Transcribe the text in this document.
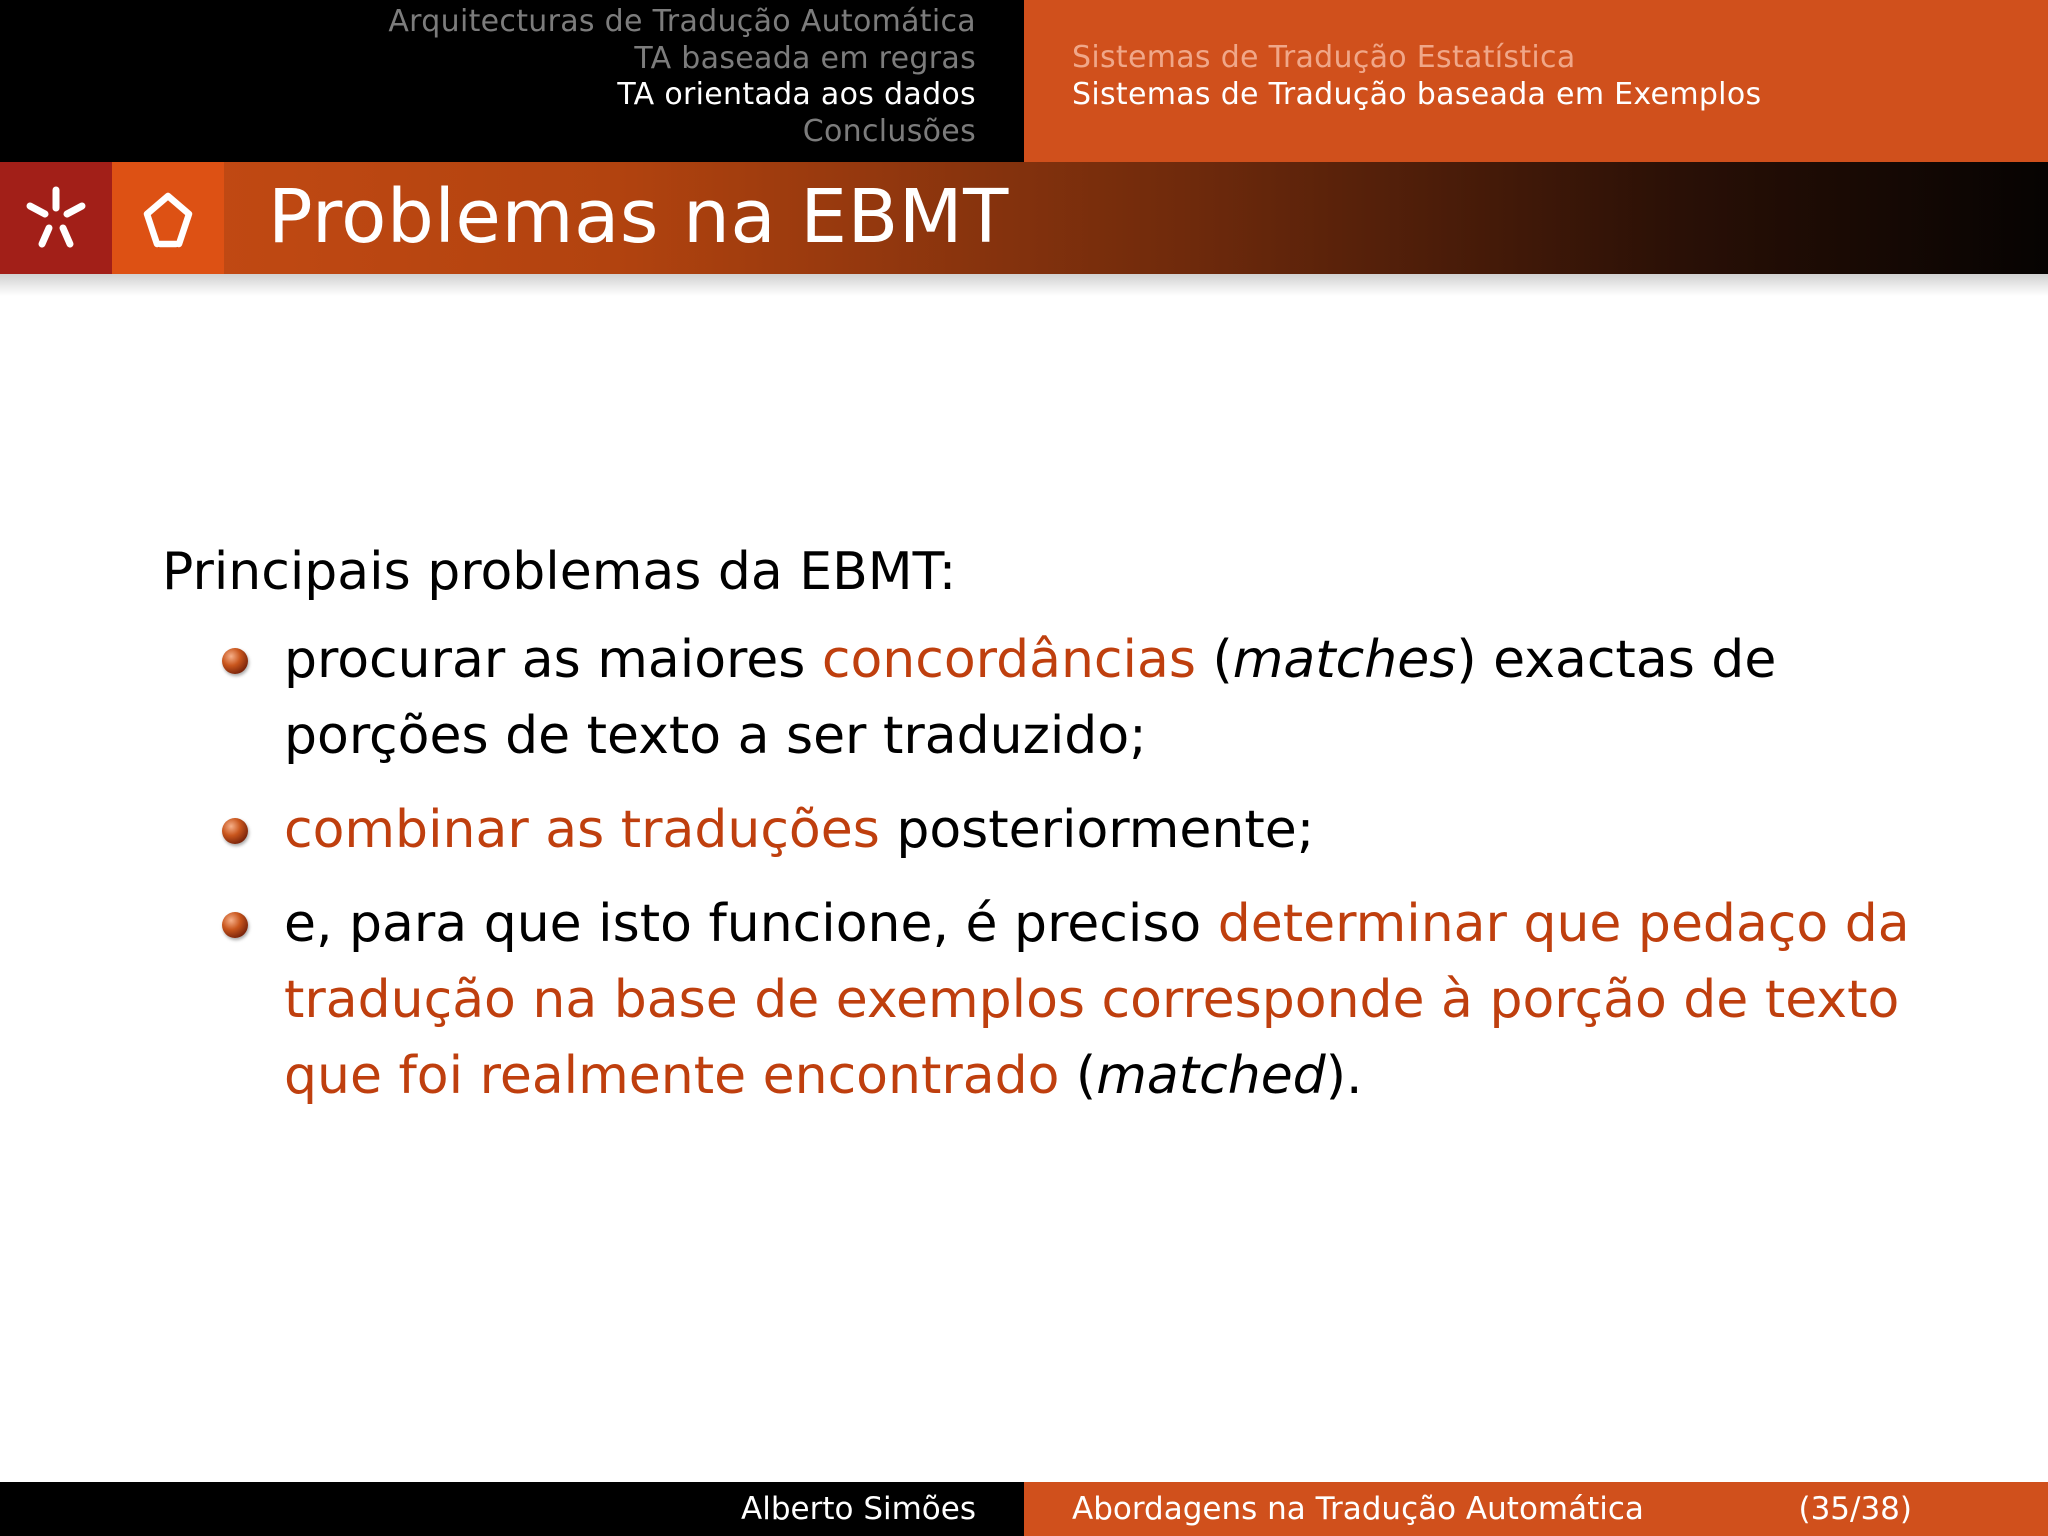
Arquitecturas de Tradução Automática
TA baseada em regras
TA orientada aos dados
Conclusões
Sistemas de Tradução Estatística
Sistemas de Tradução baseada em Exemplos
Problemas na EBMT
Principais problemas da EBMT:
procurar as maiores concordâncias (matches) exactas de porções de texto a ser traduzido;
combinar as traduções posteriormente;
e, para que isto funcione, é preciso determinar que pedaço da tradução na base de exemplos corresponde à porção de texto que foi realmente encontrado (matched).
Alberto Simões	Abordagens na Tradução Automática	(35/38)
